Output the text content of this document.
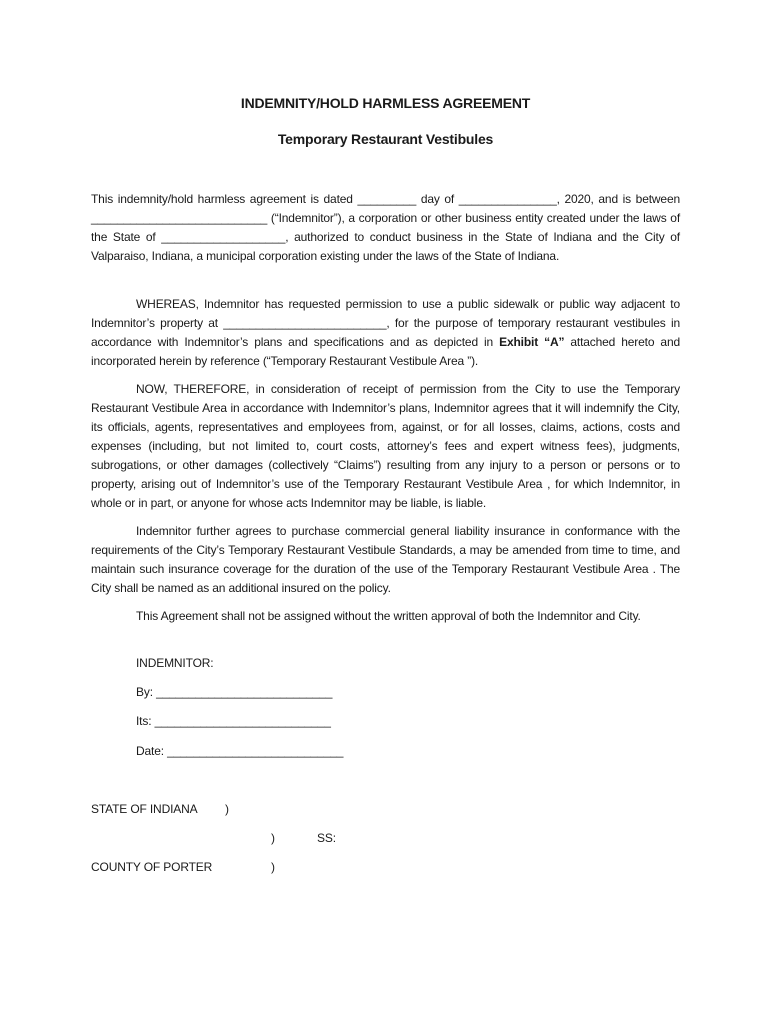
INDEMNITY/HOLD HARMLESS AGREEMENT
Temporary Restaurant Vestibules

This indemnity/hold harmless agreement is dated _________ day of _______________, 2020, and is between ___________________________ (“Indemnitor”), a corporation or other business entity created under the laws of the State of ___________________, authorized to conduct business in the State of Indiana and the City of Valparaiso, Indiana, a municipal corporation existing under the laws of the State of Indiana.

WHEREAS, Indemnitor has requested permission to use a public sidewalk or public way adjacent to Indemnitor’s property at _________________________, for the purpose of temporary restaurant vestibules in accordance with Indemnitor’s plans and specifications and as depicted in Exhibit “A” attached hereto and incorporated herein by reference (“Temporary Restaurant Vestibule Area ”).

NOW, THEREFORE, in consideration of receipt of permission from the City to use the Temporary Restaurant Vestibule Area in accordance with Indemnitor’s plans, Indemnitor agrees that it will indemnify the City, its officials, agents, representatives and employees from, against, or for all losses, claims, actions, costs and expenses (including, but not limited to, court costs, attorney’s fees and expert witness fees), judgments, subrogations, or other damages (collectively “Claims”) resulting from any injury to a person or persons or to property, arising out of Indemnitor’s use of the Temporary Restaurant Vestibule Area , for which Indemnitor, in whole or in part, or anyone for whose acts Indemnitor may be liable, is liable.

Indemnitor further agrees to purchase commercial general liability insurance in conformance with the requirements of the City’s Temporary Restaurant Vestibule Standards, a may be amended from time to time, and maintain such insurance coverage for the duration of the use of the Temporary Restaurant Vestibule Area . The City shall be named as an additional insured on the policy.

This Agreement shall not be assigned without the written approval of both the Indemnitor and City.

INDEMNITOR:
By: ___________________________
Its: ___________________________
Date: ___________________________
STATE OF INDIANA )
)	SS:
COUNTY OF PORTER	)
